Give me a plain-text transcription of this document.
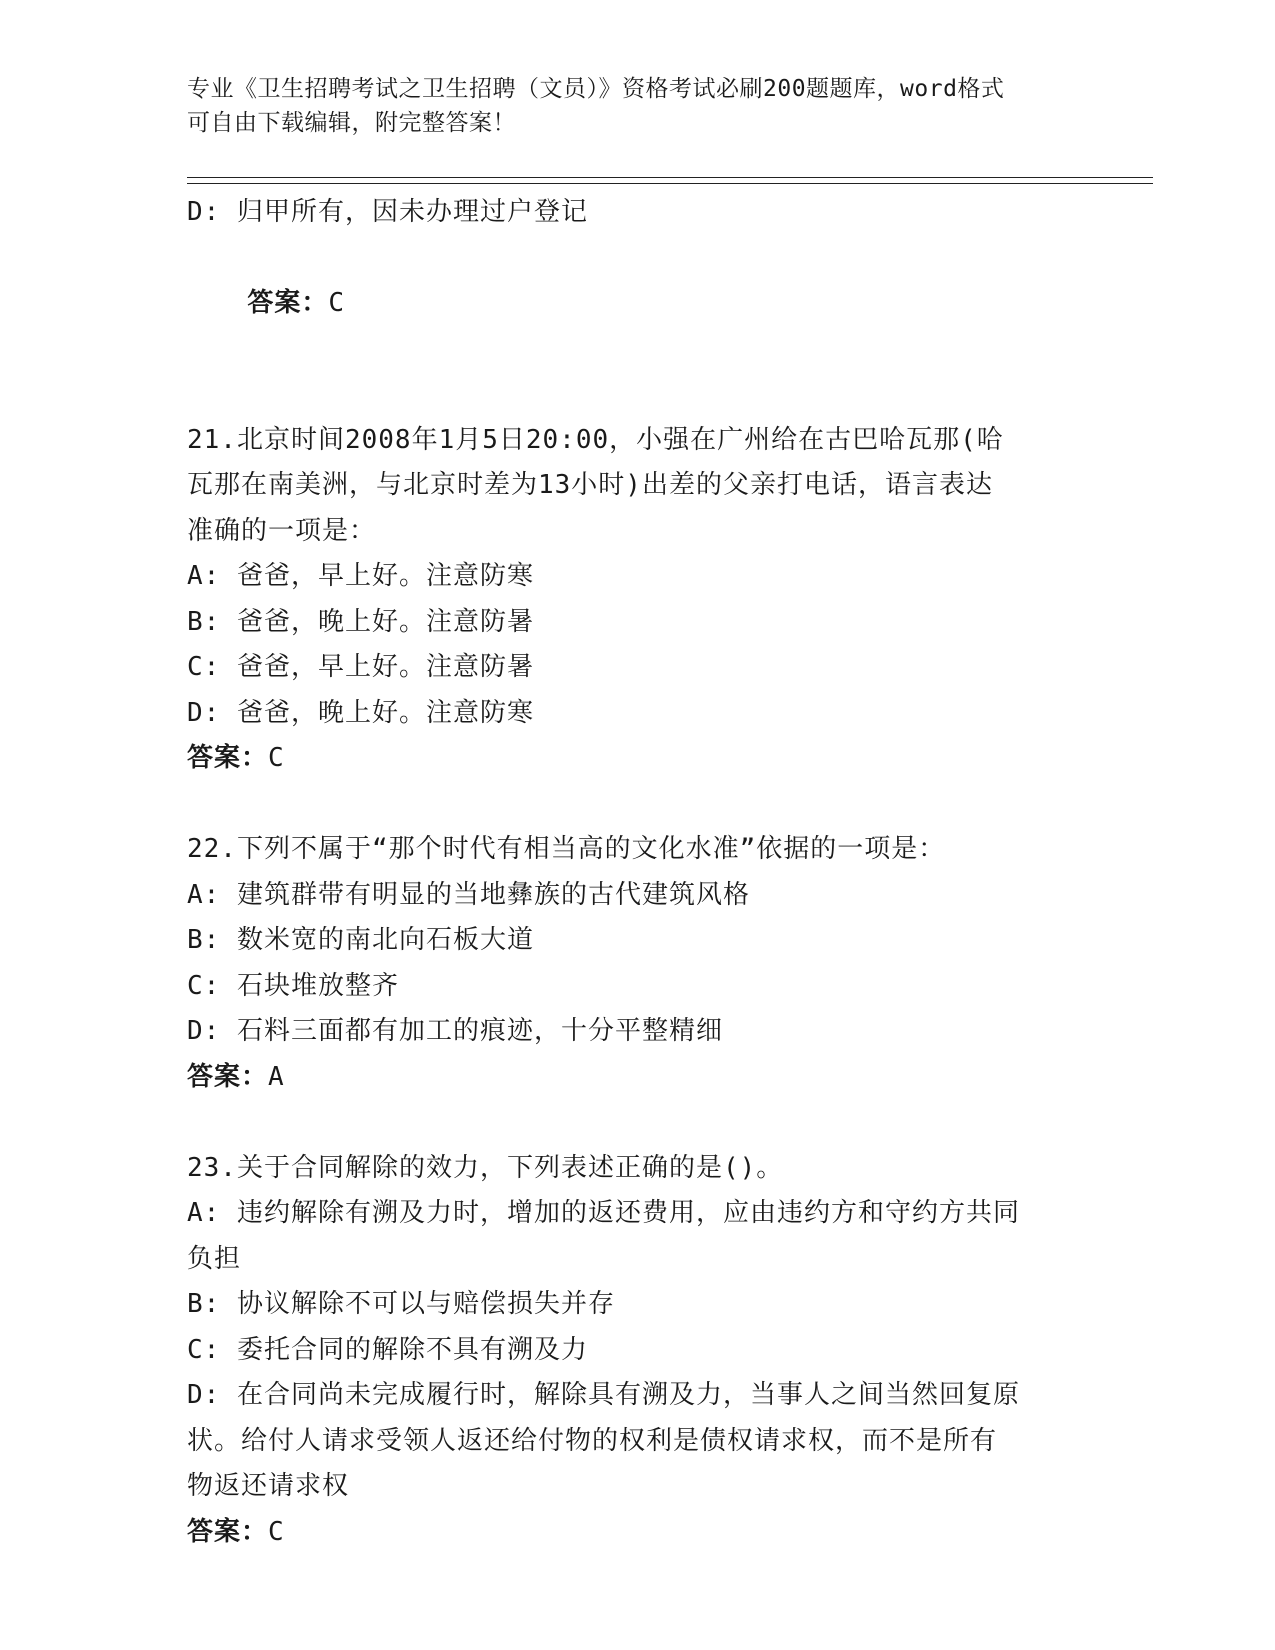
专业《卫生招聘考试之卫生招聘（文员）》资格考试必刷200题题库，word格式
可自由下载编辑，附完整答案！
D: 归甲所有，因未办理过户登记

答案：C

21.北京时间2008年1月5日20:00，小强在广州给在古巴哈瓦那(哈
瓦那在南美洲，与北京时差为13小时)出差的父亲打电话，语言表达
准确的一项是：
A: 爸爸，早上好。注意防寒
B: 爸爸，晚上好。注意防暑
C: 爸爸，早上好。注意防暑
D: 爸爸，晚上好。注意防寒
答案：C
22.下列不属于“那个时代有相当高的文化水准”依据的一项是：
A: 建筑群带有明显的当地彝族的古代建筑风格
B: 数米宽的南北向石板大道
C: 石块堆放整齐
D: 石料三面都有加工的痕迹，十分平整精细
答案：A
23.关于合同解除的效力，下列表述正确的是()。
A: 违约解除有溯及力时，增加的返还费用，应由违约方和守约方共同
负担
B: 协议解除不可以与赔偿损失并存
C: 委托合同的解除不具有溯及力
D: 在合同尚未完成履行时，解除具有溯及力，当事人之间当然回复原
状。给付人请求受领人返还给付物的权利是债权请求权，而不是所有
物返还请求权
答案：C
